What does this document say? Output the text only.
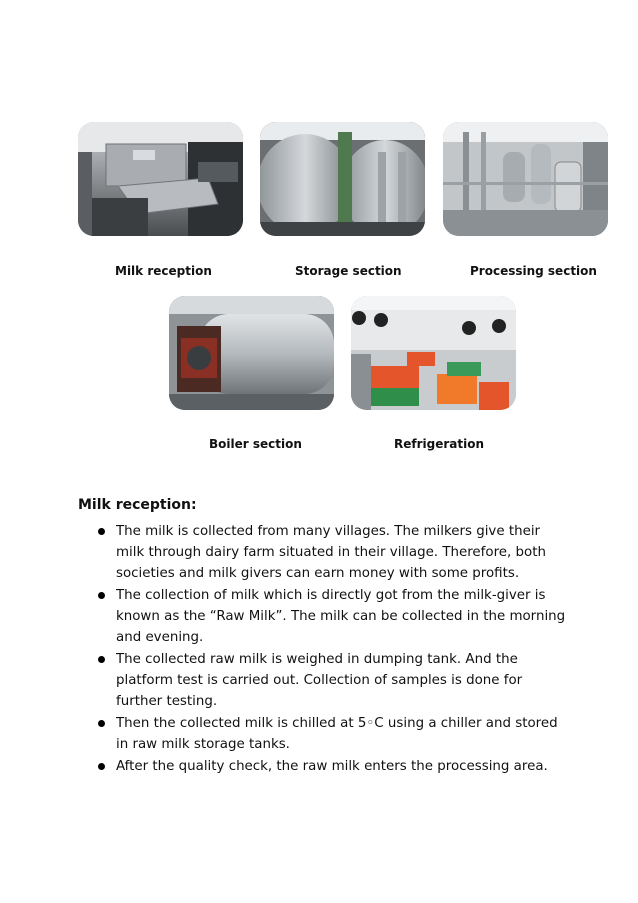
Milk reception	Storage section	Processing section
Boiler section	Refrigeration
Milk reception:
The milk is collected from many villages. The milkers give their milk through dairy farm situated in their village. Therefore, both societies and milk givers can earn money with some profits.
The collection of milk which is directly got from the milk-giver is known as the “Raw Milk”. The milk can be collected in the morning and evening.
The collected raw milk is weighed in dumping tank. And the platform test is carried out. Collection of samples is done for further testing.
Then the collected milk is chilled at 5◦C using a chiller and stored in raw milk storage tanks.
After the quality check, the raw milk enters the processing area.
